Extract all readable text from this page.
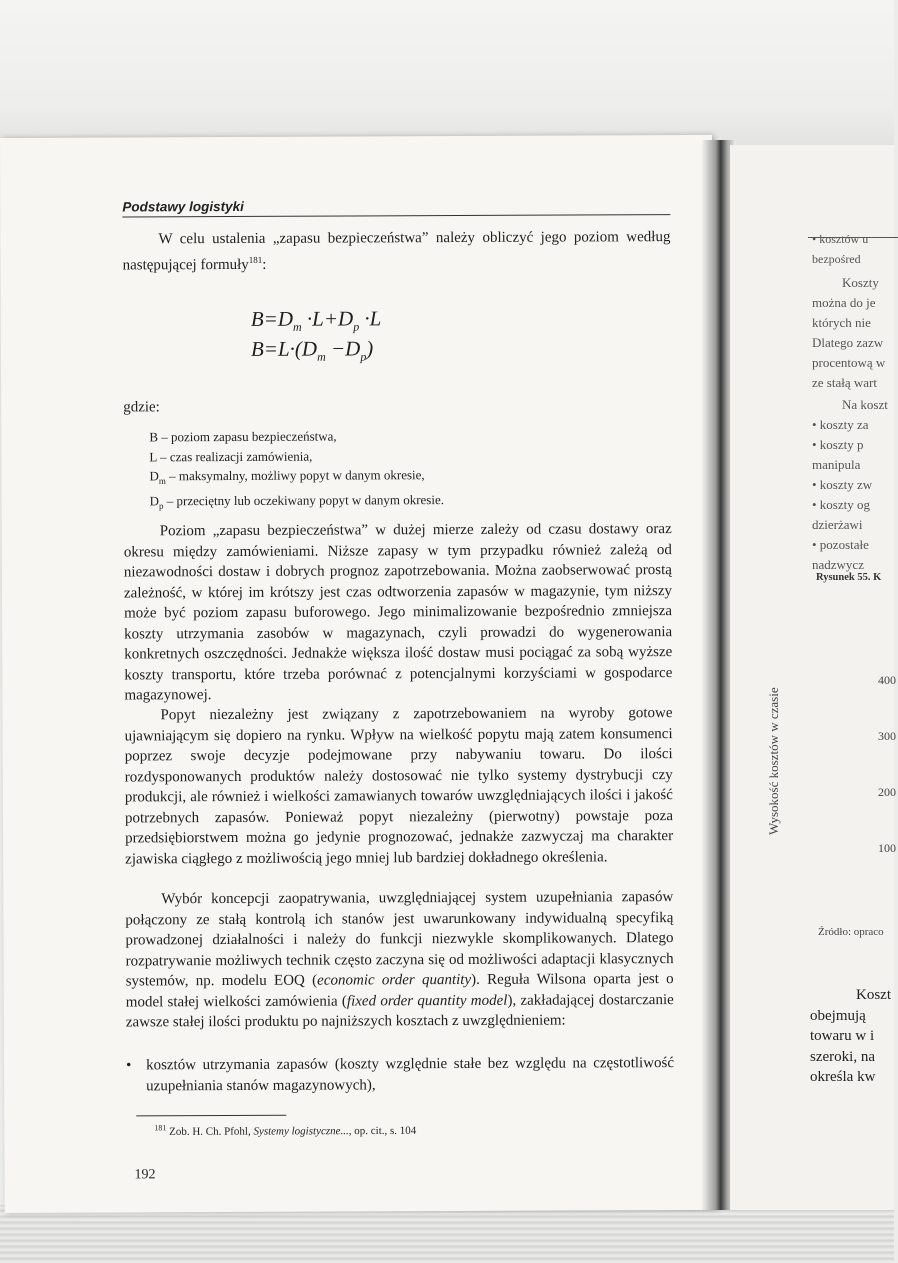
Podstawy logistyki
W celu ustalenia „zapasu bezpieczeństwa” należy obliczyć jego poziom według następującej formuły$^{181}$:
$B=D_m \cdot L+D_p \cdot L$
$B=L\cdot(D_m -D_p)$
gdzie:
B – poziom zapasu bezpieczeństwa,
L – czas realizacji zamówienia,
$D_m$ – maksymalny, możliwy popyt w danym okresie,
$D_p$ – przeciętny lub oczekiwany popyt w danym okresie.
Poziom „zapasu bezpieczeństwa” w dużej mierze zależy od czasu dostawy oraz okresu między zamówieniami. Niższe zapasy w tym przypadku również zależą od niezawodności dostaw i dobrych prognoz zapotrzebowania. Można zaobserwować prostą zależność, w której im krótszy jest czas odtworzenia zapasów w magazynie, tym niższy może być poziom zapasu buforowego. Jego minimalizowanie bezpośrednio zmniejsza koszty utrzymania zasobów w magazynach, czyli prowadzi do wygenerowania konkretnych oszczędności. Jednakże większa ilość dostaw musi pociągać za sobą wyższe koszty transportu, które trzeba porównać z potencjalnymi korzyściami w gospodarce magazynowej.
Popyt niezależny jest związany z zapotrzebowaniem na wyroby gotowe ujawniającym się dopiero na rynku. Wpływ na wielkość popytu mają zatem konsumenci poprzez swoje decyzje podejmowane przy nabywaniu towaru. Do ilości rozdysponowanych produktów należy dostosować nie tylko systemy dystrybucji czy produkcji, ale również i wielkości zamawianych towarów uwzględniających ilości i jakość potrzebnych zapasów. Ponieważ popyt niezależny (pierwotny) powstaje poza przedsiębiorstwem można go jedynie prognozować, jednakże zazwyczaj ma charakter zjawiska ciągłego z możliwością jego mniej lub bardziej dokładnego określenia.
Wybór koncepcji zaopatrywania, uwzględniającej system uzupełniania zapasów połączony ze stałą kontrolą ich stanów jest uwarunkowany indywidualną specyfiką prowadzonej działalności i należy do funkcji niezwykle skomplikowanych. Dlatego rozpatrywanie możliwych technik często zaczyna się od możliwości adaptacji klasycznych systemów, np. modelu EOQ (economic order quantity). Reguła Wilsona oparta jest o model stałej wielkości zamówienia (fixed order quantity model), zakładającej dostarczanie zawsze stałej ilości produktu po najniższych kosztach z uwzględnieniem:
• kosztów utrzymania zapasów (koszty względnie stałe bez względu na częstotliwość uzupełniania stanów magazynowych),
$^{181}$ Zob. H. Ch. Pfohl, Systemy logistyczne..., op. cit., s. 104
192
• kosztów u
bezpośred
Koszty
można do je
których nie
Dlatego zazw
procentową w
ze stałą wart
Na koszt
• koszty za
• koszty p
manipula
• koszty zw
• koszty og
dzierżawi
• pozostałe
nadzwycz
Rysunek 55. K
Wysokość kosztów w czasie
400
300
200
100
Źródło: opraco
Koszt
obejmują
towaru w i
szeroki, na
określa kw
